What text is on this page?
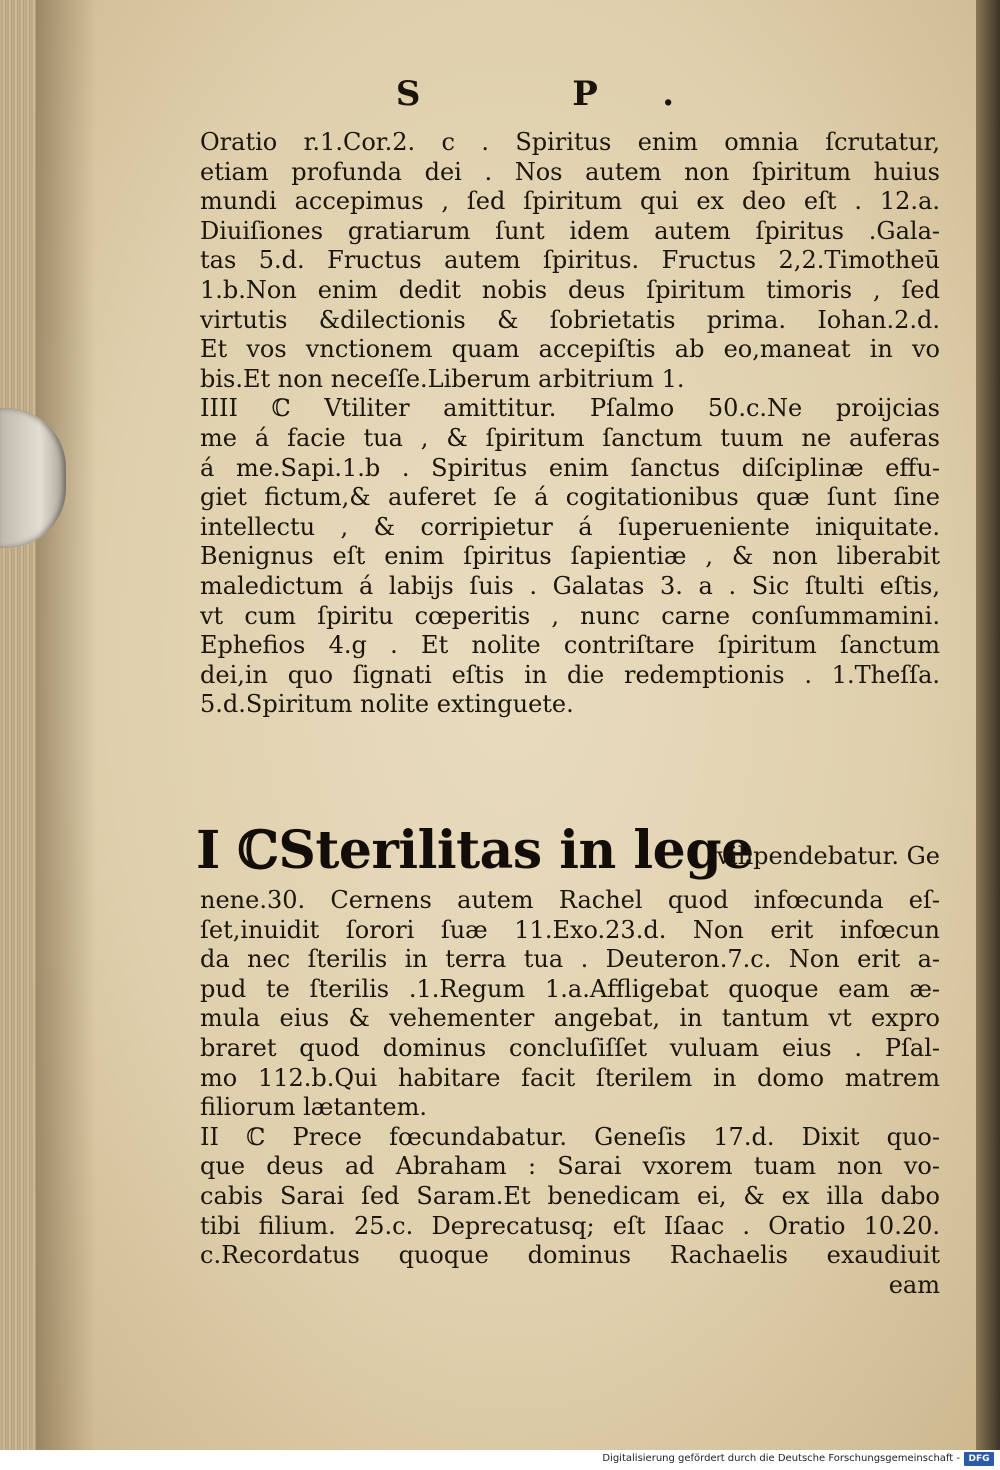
S P.
Oratio r.1.Cor.2. c . Spiritus enim omnia ſcrutatur,
etiam profunda dei . Nos autem non ſpiritum huius
mundi accepimus , ſed ſpiritum qui ex deo eſt . 12.a.
Diuiſiones gratiarum ſunt idem autem ſpiritus .Gala-
tas 5.d. Fructus autem ſpiritus. Fructus 2,2.Timotheū
1.b.Non enim dedit nobis deus ſpiritum timoris , ſed
virtutis &dilectionis & ſobrietatis prima. Iohan.2.d.
Et vos vnctionem quam accepiſtis ab eo,maneat in vo
bis.Et non neceſſe.Liberum arbitrium 1.
IIII ℂ Vtiliter amittitur. Pſalmo 50.c.Ne proijcias
me á facie tua , & ſpiritum ſanctum tuum ne auferas
á me.Sapi.1.b . Spiritus enim ſanctus diſciplinæ effu-
giet fictum,& auferet ſe á cogitationibus quæ ſunt ſine
intellectu , & corripietur á ſuperueniente iniquitate.
Benignus eſt enim ſpiritus ſapientiæ , & non liberabit
maledictum á labijs ſuis . Galatas 3. a . Sic ſtulti eſtis,
vt cum ſpiritu cœperitis , nunc carne conſummamini.
Ephefios 4.g . Et nolite contriſtare ſpiritum ſanctum
dei,in quo ſignati eſtis in die redemptionis . 1.Theſſa.
5.d.Spiritum nolite extinguete.
I ℂSterilitas in lege
vilipendebatur. Ge
nene.30. Cernens autem Rachel quod infœcunda eſ-
ſet,inuidit ſorori ſuæ 11.Exo.23.d. Non erit infœcun
da nec ſterilis in terra tua . Deuteron.7.c. Non erit a-
pud te ſterilis .1.Regum 1.a.Affligebat quoque eam æ-
mula eius & vehementer angebat, in tantum vt expro
braret quod dominus concluſiſſet vuluam eius . Pſal-
mo 112.b.Qui habitare facit ſterilem in domo matrem
filiorum lætantem.
II ℂ Prece fœcundabatur. Geneſis 17.d. Dixit quo-
que deus ad Abraham : Sarai vxorem tuam non vo-
cabis Sarai ſed Saram.Et benedicam ei, & ex illa dabo
tibi filium. 25.c. Deprecatusq; eſt Iſaac . Oratio 10.20.
c.Recordatus quoque dominus Rachaelis exaudiuit
eam
Digitalisierung gefördert durch die Deutsche Forschungsgemeinschaft - DFG
